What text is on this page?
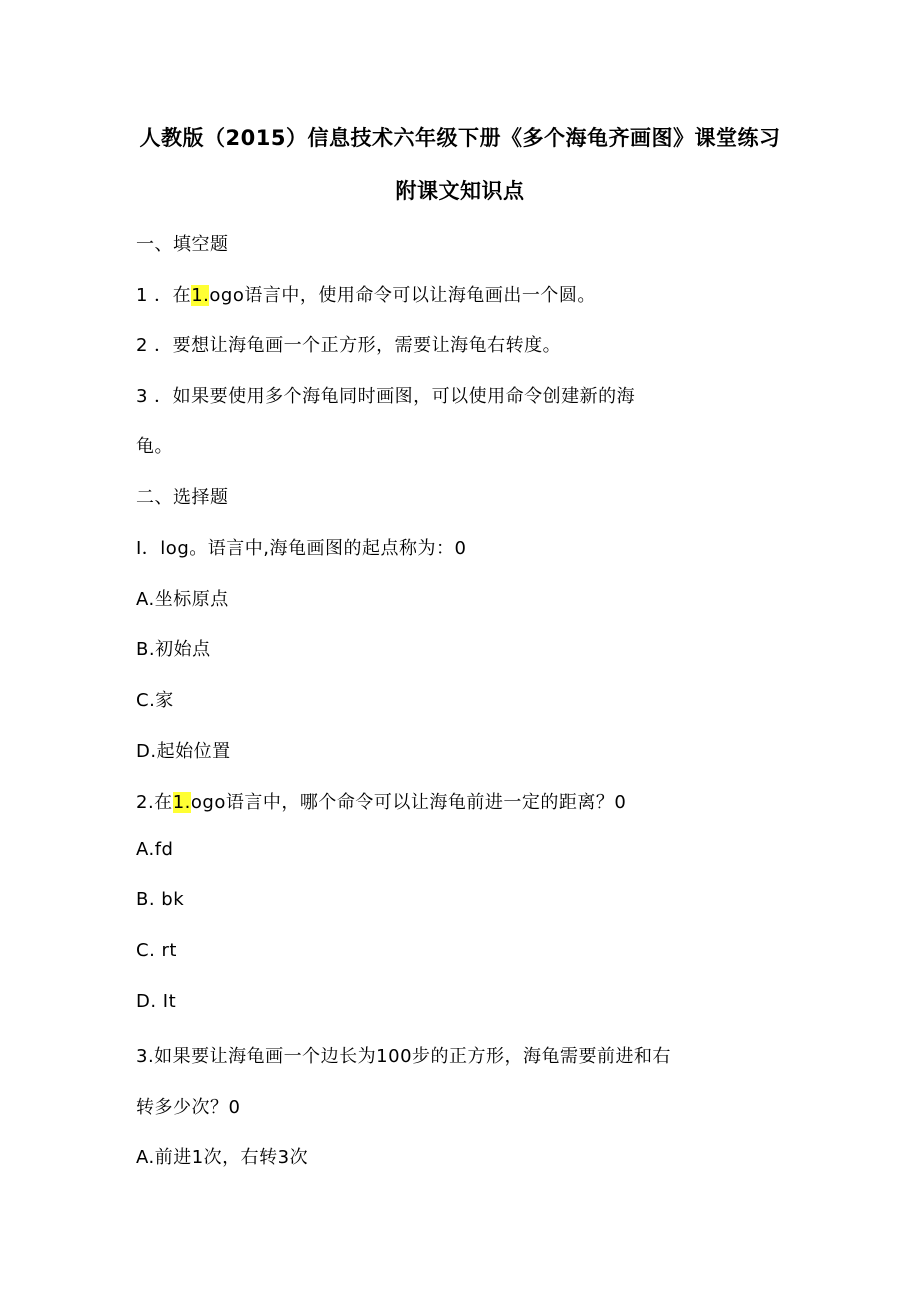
人教版（2015）信息技术六年级下册《多个海龟齐画图》课堂练习
附课文知识点
一、填空题
1 ．在1.ogo语言中，使用命令可以让海龟画出一个圆。
2 ．要想让海龟画一个正方形，需要让海龟右转度。
3 ．如果要使用多个海龟同时画图，可以使用命令创建新的海
龟。
二、选择题
I．log。语言中,海龟画图的起点称为：0
A.坐标原点
B.初始点
C.家
D.起始位置
2.在1.ogo语言中，哪个命令可以让海龟前进一定的距离？0
A.fd
B. bk
C. rt
D. It
3.如果要让海龟画一个边长为100步的正方形，海龟需要前进和右
转多少次？0
A.前进1次，右转3次
